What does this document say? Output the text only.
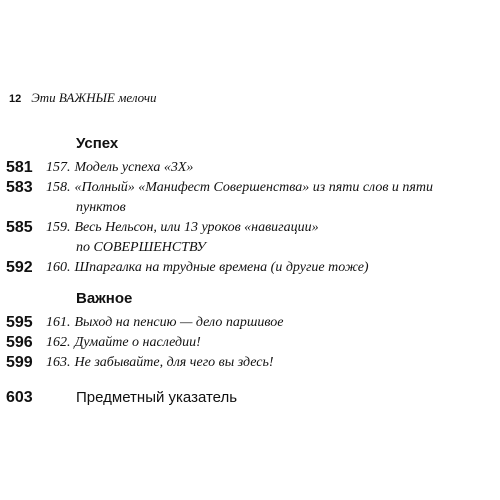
12 Эти ВАЖНЫЕ мелочи
Успех
581 157. Модель успеха «3Х»
583 158. «Полный» «Манифест Совершенства» из пяти слов и пяти
пунктов
585 159. Весь Нельсон, или 13 уроков «навигации»
по СОВЕРШЕНСТВУ
592 160. Шпаргалка на трудные времена (и другие тоже)
Важное
595 161. Выход на пенсию — дело паршивое
596 162. Думайте о наследии!
599 163. Не забывайте, для чего вы здесь!
603	Предметный указатель
